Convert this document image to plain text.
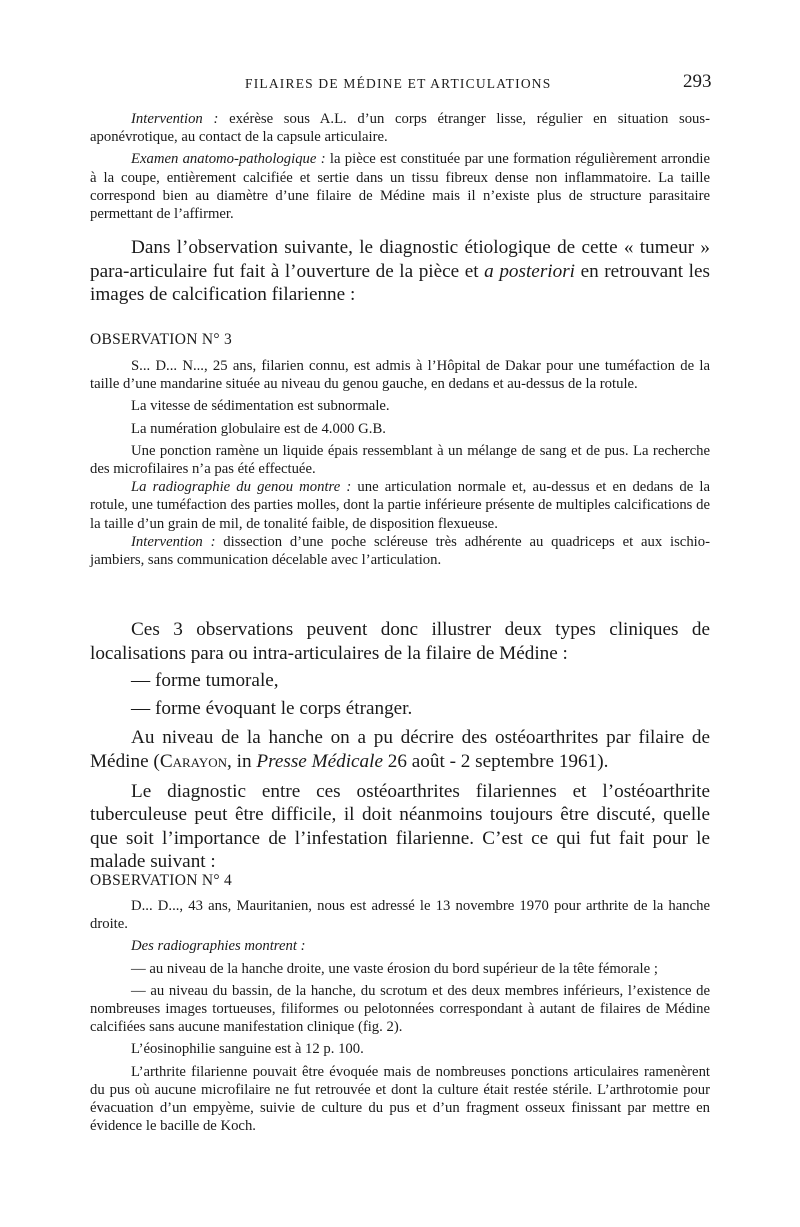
FILAIRES DE MÉDINE ET ARTICULATIONS	293

Intervention : exérèse sous A.L. d’un corps étranger lisse, régulier en situation sous-aponévrotique, au contact de la capsule articulaire.

Examen anatomo-pathologique : la pièce est constituée par une formation régulièrement arrondie à la coupe, entièrement calcifiée et sertie dans un tissu fibreux dense non inflammatoire. La taille correspond bien au diamètre d’une filaire de Médine mais il n’existe plus de structure parasitaire permettant de l’affirmer.

Dans l’observation suivante, le diagnostic étiologique de cette « tumeur » para-articulaire fut fait à l’ouverture de la pièce et a posteriori en retrouvant les images de calcification filarienne :

OBSERVATION N° 3

S... D... N..., 25 ans, filarien connu, est admis à l’Hôpital de Dakar pour une tuméfaction de la taille d’une mandarine située au niveau du genou gauche, en dedans et au-dessus de la rotule.

La vitesse de sédimentation est subnormale.

La numération globulaire est de 4.000 G.B.

Une ponction ramène un liquide épais ressemblant à un mélange de sang et de pus. La recherche des microfilaires n’a pas été effectuée.

La radiographie du genou montre : une articulation normale et, au-dessus et en dedans de la rotule, une tuméfaction des parties molles, dont la partie inférieure présente de multiples calcifications de la taille d’un grain de mil, de tonalité faible, de disposition flexueuse.

Intervention : dissection d’une poche scléreuse très adhérente au quadriceps et aux ischio-jambiers, sans communication décelable avec l’articulation.

Ces 3 observations peuvent donc illustrer deux types cliniques de localisations para ou intra-articulaires de la filaire de Médine :

— forme tumorale,

— forme évoquant le corps étranger.

Au niveau de la hanche on a pu décrire des ostéoarthrites par filaire de Médine (Carayon, in Presse Médicale 26 août - 2 septembre 1961).

Le diagnostic entre ces ostéoarthrites filariennes et l’ostéoarthrite tuberculeuse peut être difficile, il doit néanmoins toujours être discuté, quelle que soit l’importance de l’infestation filarienne. C’est ce qui fut fait pour le malade suivant :

OBSERVATION N° 4

D... D..., 43 ans, Mauritanien, nous est adressé le 13 novembre 1970 pour arthrite de la hanche droite.

Des radiographies montrent :

— au niveau de la hanche droite, une vaste érosion du bord supérieur de la tête fémorale ;

— au niveau du bassin, de la hanche, du scrotum et des deux membres inférieurs, l’existence de nombreuses images tortueuses, filiformes ou pelotonnées correspondant à autant de filaires de Médine calcifiées sans aucune manifestation clinique (fig. 2).

L’éosinophilie sanguine est à 12 p. 100.

L’arthrite filarienne pouvait être évoquée mais de nombreuses ponctions articulaires ramenèrent du pus où aucune microfilaire ne fut retrouvée et dont la culture était restée stérile. L’arthrotomie pour évacuation d’un empyème, suivie de culture du pus et d’un fragment osseux finissant par mettre en évidence le bacille de Koch.
